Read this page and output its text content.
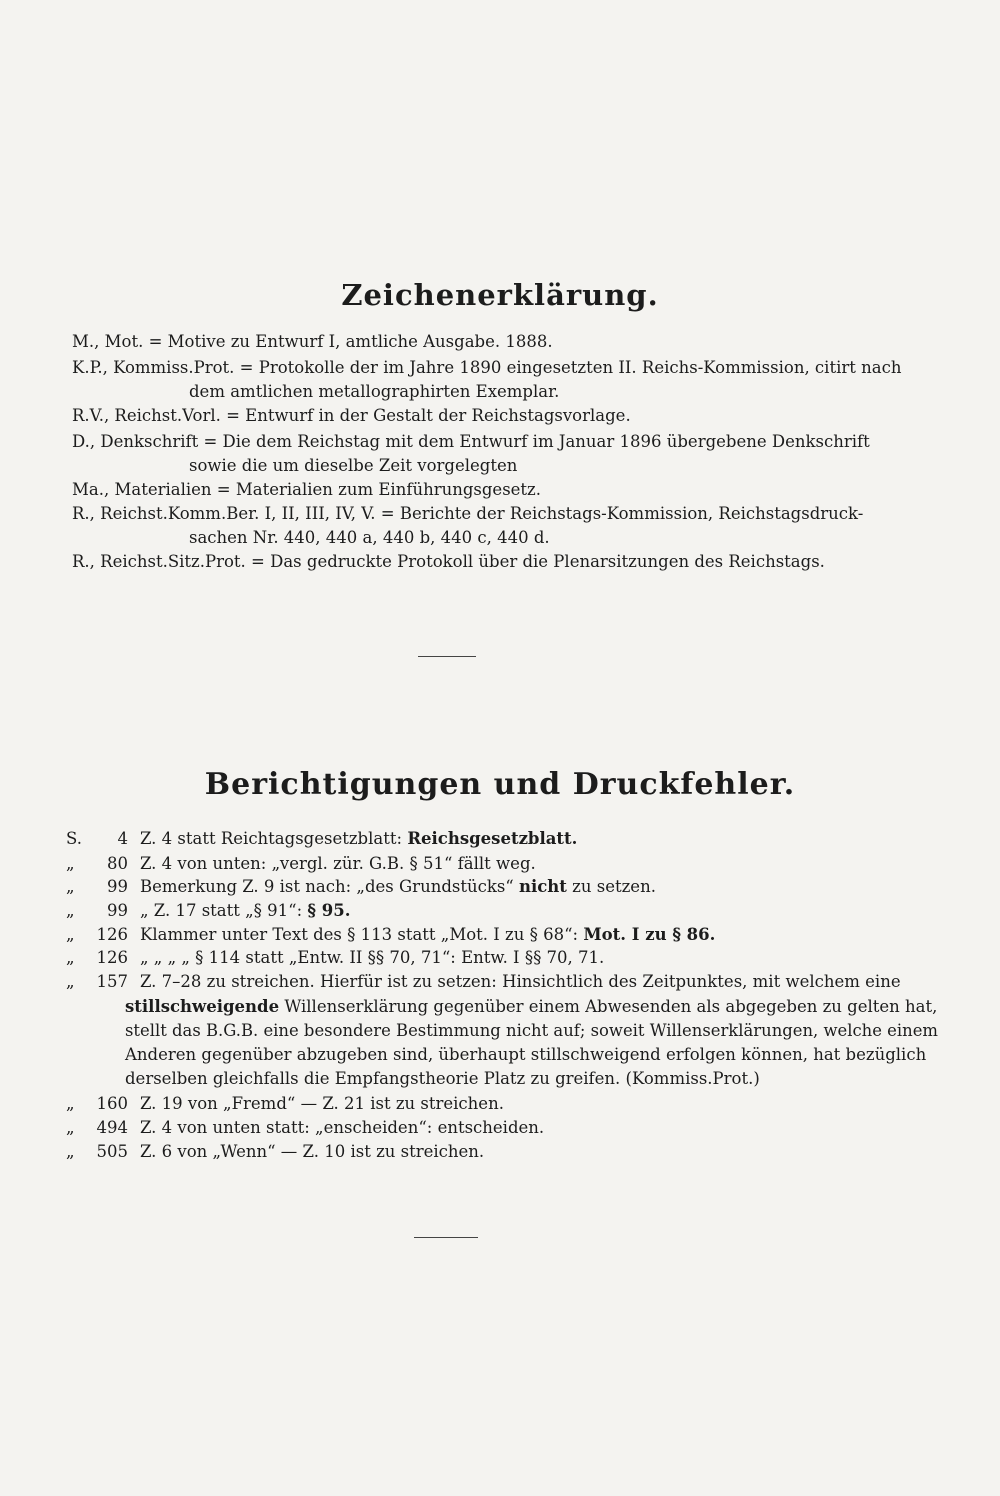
Zeichenerklärung.
M., Mot. = Motive zu Entwurf I, amtliche Ausgabe. 1888.
K.P., Kommiss.Prot. = Protokolle der im Jahre 1890 eingesetzten II. Reichs-Kommission, citirt nach
dem amtlichen metallographirten Exemplar.
R.V., Reichst.Vorl. = Entwurf in der Gestalt der Reichstagsvorlage.
D., Denkschrift = Die dem Reichstag mit dem Entwurf im Januar 1896 übergebene Denkschrift
sowie die um dieselbe Zeit vorgelegten
Ma., Materialien = Materialien zum Einführungsgesetz.
R., Reichst.Komm.Ber. I, II, III, IV, V. = Berichte der Reichstags-Kommission, Reichstagsdruck-
sachen Nr. 440, 440 a, 440 b, 440 c, 440 d.
R., Reichst.Sitz.Prot. = Das gedruckte Protokoll über die Plenarsitzungen des Reichstags.
Berichtigungen und Druckfehler.
S.	4 Z. 4 statt Reichtagsgesetzblatt: Reichsgesetzblatt.
„	80 Z. 4 von unten: „vergl. zür. G.B. § 51“ fällt weg.
„	99 Bemerkung Z. 9 ist nach: „des Grundstücks“ nicht zu setzen.
„	99 „ Z. 17 statt „§ 91“: § 95.
„	126 Klammer unter Text des § 113 statt „Mot. I zu § 68“: Mot. I zu § 86.
„	126 „ „ „ „ § 114 statt „Entw. II §§ 70, 71“: Entw. I §§ 70, 71.
„	157 Z. 7–28 zu streichen. Hierfür ist zu setzen: Hinsichtlich des Zeitpunktes, mit welchem eine
stillschweigende Willenserklärung gegenüber einem Abwesenden als abgegeben zu gelten hat,
stellt das B.G.B. eine besondere Bestimmung nicht auf; soweit Willenserklärungen, welche einem
Anderen gegenüber abzugeben sind, überhaupt stillschweigend erfolgen können, hat bezüglich
derselben gleichfalls die Empfangstheorie Platz zu greifen. (Kommiss.Prot.)
„	160 Z. 19 von „Fremd“ — Z. 21 ist zu streichen.
„	494 Z. 4 von unten statt: „enscheiden“: entscheiden.
„	505 Z. 6 von „Wenn“ — Z. 10 ist zu streichen.
